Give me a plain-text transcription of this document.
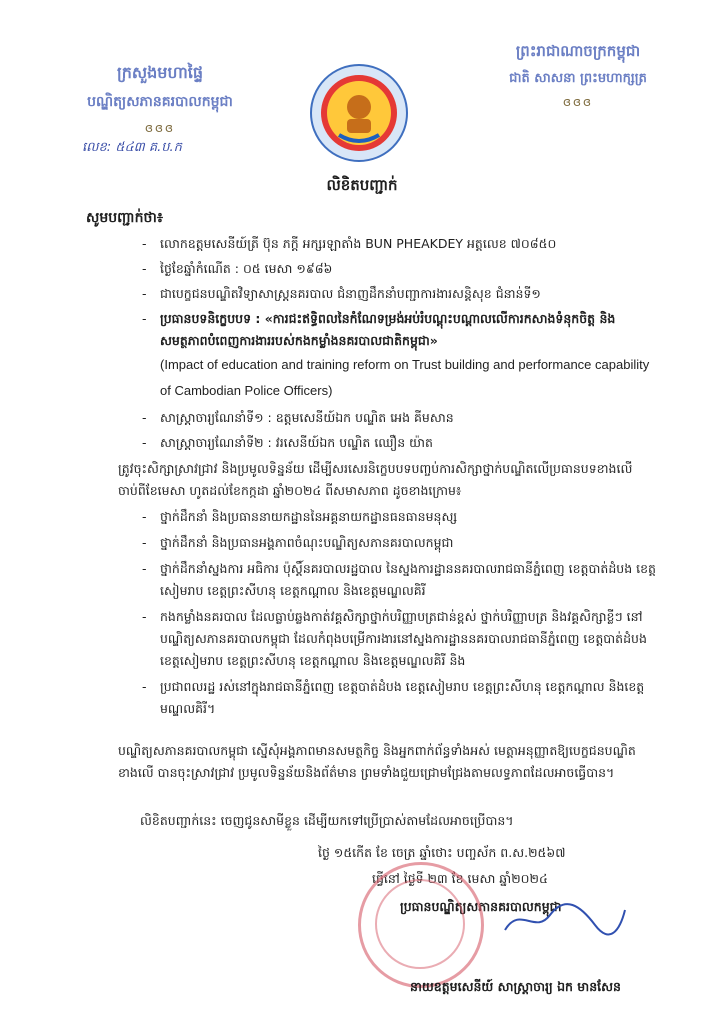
ក្រសួងមហាផ្ទៃ
បណ្ឌិត្យសភានគរបាលកម្ពុជា
ɞɞɞ
លេខ: ៥៤៣ គ.ប.ក
ព្រះរាជាណាចក្រកម្ពុជា
ជាតិ សាសនា ព្រះមហាក្សត្រ
ɞɞɞ
លិខិតបញ្ជាក់
សូមបញ្ជាក់ថា៖
- លោកឧត្តមសេនីយ៍ត្រី ប៊ុន ភក្ដី អក្សរឡាតាំង BUN PHEAKDEY អត្តលេខ ៧០៨៥០
- ថ្ងៃខែឆ្នាំកំណើត : ០៥ មេសា ១៩៨៦
- ជាបេក្ខជនបណ្ឌិតវិទ្យាសាស្ត្រនគរបាល ជំនាញដឹកនាំបញ្ជាការងារសន្តិសុខ ជំនាន់ទី១
- ប្រធានបទនិក្ខេបបទ : «ការជះឥទ្ធិពលនៃកំណែទម្រង់អប់រំបណ្តុះបណ្តាលលើការកសាងទំនុកចិត្ត និងសមត្ថភាពបំពេញការងាររបស់កងកម្លាំងនគរបាលជាតិកម្ពុជា»
(Impact of education and training reform on Trust building and performance capability of Cambodian Police Officers)
- សាស្ត្រាចារ្យណែនាំទី១ : ឧត្តមសេនីយ៍ឯក បណ្ឌិត អេង គីមសាន
- សាស្ត្រាចារ្យណែនាំទី២ : វរសេនីយ៍ឯក បណ្ឌិត ឈឿន យ៉ាត
ត្រូវចុះសិក្សាស្រាវជ្រាវ និងប្រមូលទិន្នន័យ ដើម្បីសរសេរនិក្ខេបបទបញ្ចប់ការសិក្សាថ្នាក់បណ្ឌិតលើប្រធានបទខាងលើ ចាប់ពីខែមេសា ហូតដល់ខែកក្កដា ឆ្នាំ២០២៤ ពីសមាសភាព ដូចខាងក្រោម៖
- ថ្នាក់ដឹកនាំ និងប្រធាននាយកដ្ឋាននៃអគ្គនាយកដ្ឋានធនធានមនុស្ស
- ថ្នាក់ដឹកនាំ និងប្រធានអង្គភាពចំណុះបណ្ឌិត្យសភានគរបាលកម្ពុជា
- ថ្នាក់ដឹកនាំស្នងការ អធិការ ប៉ុស្តិ៍នគរបាលរដ្ឋបាល នៃស្នងការដ្ឋាននគរបាលរាជធានីភ្នំពេញ ខេត្តបាត់ដំបង ខេត្តសៀមរាប ខេត្តព្រះសីហនុ ខេត្តកណ្ដាល និងខេត្តមណ្ឌលគិរី
- កងកម្លាំងនគរបាល ដែលធ្លាប់ឆ្លងកាត់វគ្គសិក្សាថ្នាក់បរិញ្ញាបត្រជាន់ខ្ពស់ ថ្នាក់បរិញ្ញាបត្រ និងវគ្គសិក្សាខ្លីៗ នៅបណ្ឌិត្យសភានគរបាលកម្ពុជា ដែលកំពុងបម្រើការងារនៅស្នងការដ្ឋាននគរបាលរាជធានីភ្នំពេញ ខេត្តបាត់ដំបង ខេត្តសៀមរាប ខេត្តព្រះសីហនុ ខេត្តកណ្ដាល និងខេត្តមណ្ឌលគិរី និង
- ប្រជាពលរដ្ឋ រស់នៅក្នុងរាជធានីភ្នំពេញ ខេត្តបាត់ដំបង ខេត្តសៀមរាប ខេត្តព្រះសីហនុ ខេត្តកណ្ដាល និងខេត្តមណ្ឌលគិរី។
បណ្ឌិត្យសភានគរបាលកម្ពុជា ស្នើសុំអង្គភាពមានសមត្ថកិច្ច និងអ្នកពាក់ព័ន្ធទាំងអស់ មេត្តាអនុញ្ញាតឱ្យបេក្ខជនបណ្ឌិតខាងលើ បានចុះស្រាវជ្រាវ ប្រមូលទិន្នន័យនិងព័ត៌មាន ព្រមទាំងជួយជ្រោមជ្រែងតាមលទ្ធភាពដែលអាចធ្វើបាន។
លិខិតបញ្ជាក់នេះ ចេញជូនសាមីខ្លួន ដើម្បីយកទៅប្រើប្រាស់តាមដែលអាចប្រើបាន។
ថ្ងៃ ១៥កើត ខែ ចេត្រ ឆ្នាំថោះ បញ្ចស័ក ព.ស.២៥៦៧
ធ្វើនៅ ថ្ងៃទី ២៣ ខែ មេសា ឆ្នាំ២០២៤
ប្រធានបណ្ឌិត្យសភានគរបាលកម្ពុជា
នាយឧត្តមសេនីយ៍ សាស្ត្រាចារ្យ ឯក មានសែន
